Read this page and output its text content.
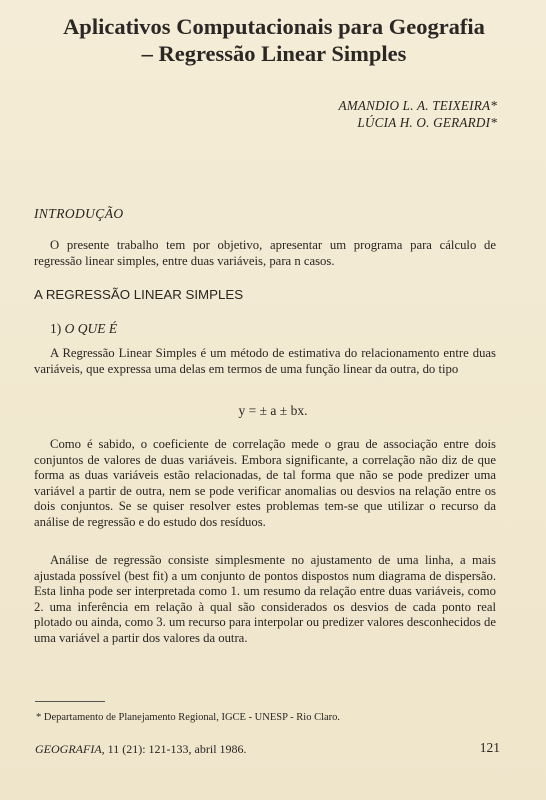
Aplicativos Computacionais para Geografia
– Regressão Linear Simples
AMANDIO L. A. TEIXEIRA*
LÚCIA H. O. GERARDI*
INTRODUÇÃO
O presente trabalho tem por objetivo, apresentar um programa para cálculo de regressão linear simples, entre duas variáveis, para n casos.
A REGRESSÃO LINEAR SIMPLES
1) O QUE É
A Regressão Linear Simples é um método de estimativa do relacionamento entre duas variáveis, que expressa uma delas em termos de uma função linear da outra, do tipo
y = ± a ± bx.
Como é sabido, o coeficiente de correlação mede o grau de associação entre dois conjuntos de valores de duas variáveis. Embora significante, a correlação não diz de que forma as duas variáveis estão relacionadas, de tal forma que não se pode predizer uma variável a partir de outra, nem se pode verificar anomalias ou desvios na relação entre os dois conjuntos. Se se quiser resolver estes problemas tem-se que utilizar o recurso da análise de regressão e do estudo dos resíduos.
Análise de regressão consiste simplesmente no ajustamento de uma linha, a mais ajustada possível (best fit) a um conjunto de pontos dispostos num diagrama de dispersão. Esta linha pode ser interpretada como 1. um resumo da relação entre duas variáveis, como 2. uma inferência em relação à qual são considerados os desvios de cada ponto real plotado ou ainda, como 3. um recurso para interpolar ou predizer valores desconhecidos de uma variável a partir dos valores da outra.
* Departamento de Planejamento Regional, IGCE - UNESP - Rio Claro.
GEOGRAFIA, 11 (21): 121-133, abril 1986.	121
